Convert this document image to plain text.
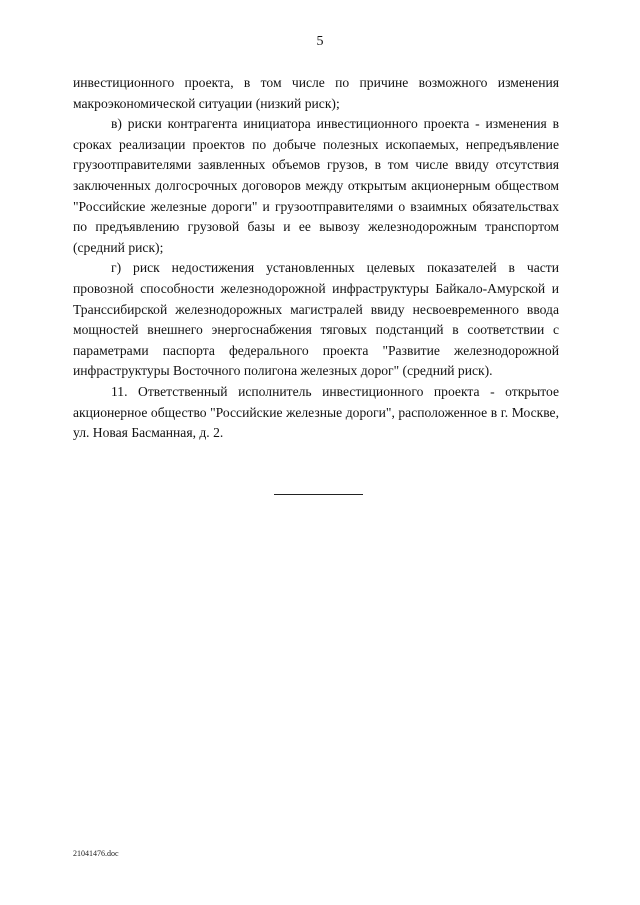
5

инвестиционного проекта, в том числе по причине возможного изменения макроэкономической ситуации (низкий риск);

в) риски контрагента инициатора инвестиционного проекта - изменения в сроках реализации проектов по добыче полезных ископаемых, непредъявление грузоотправителями заявленных объемов грузов, в том числе ввиду отсутствия заключенных долгосрочных договоров между открытым акционерным обществом "Российские железные дороги" и грузоотправителями о взаимных обязательствах по предъявлению грузовой базы и ее вывозу железнодорожным транспортом (средний риск);

г) риск недостижения установленных целевых показателей в части провозной способности железнодорожной инфраструктуры Байкало-Амурской и Транссибирской железнодорожных магистралей ввиду несвоевременного ввода мощностей внешнего энергоснабжения тяговых подстанций в соответствии с параметрами паспорта федерального проекта "Развитие железнодорожной инфраструктуры Восточного полигона железных дорог" (средний риск).

11. Ответственный исполнитель инвестиционного проекта - открытое акционерное общество "Российские железные дороги", расположенное в г. Москве, ул. Новая Басманная, д. 2.

21041476.doc
